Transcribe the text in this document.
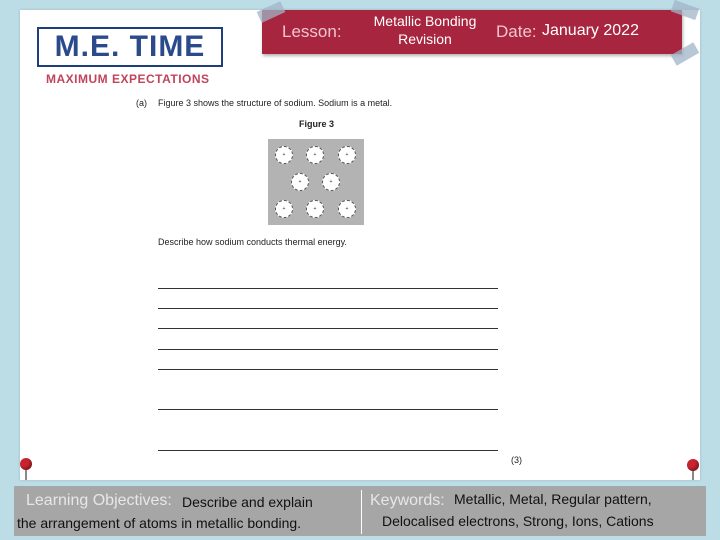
M.E. TIME
MAXIMUM EXPECTATIONS
Lesson:
Metallic Bonding
Revision	Date: January 2022
(a) Figure 3 shows the structure of sodium. Sodium is a metal.
Figure 3
+	+	+
+	+
+	+	+
Describe how sodium conducts thermal energy.
(3)
Learning Objectives: Describe and explain
the arrangement of atoms in metallic bonding.
Keywords: Metallic, Metal, Regular pattern,
Delocalised electrons, Strong, Ions, Cations
